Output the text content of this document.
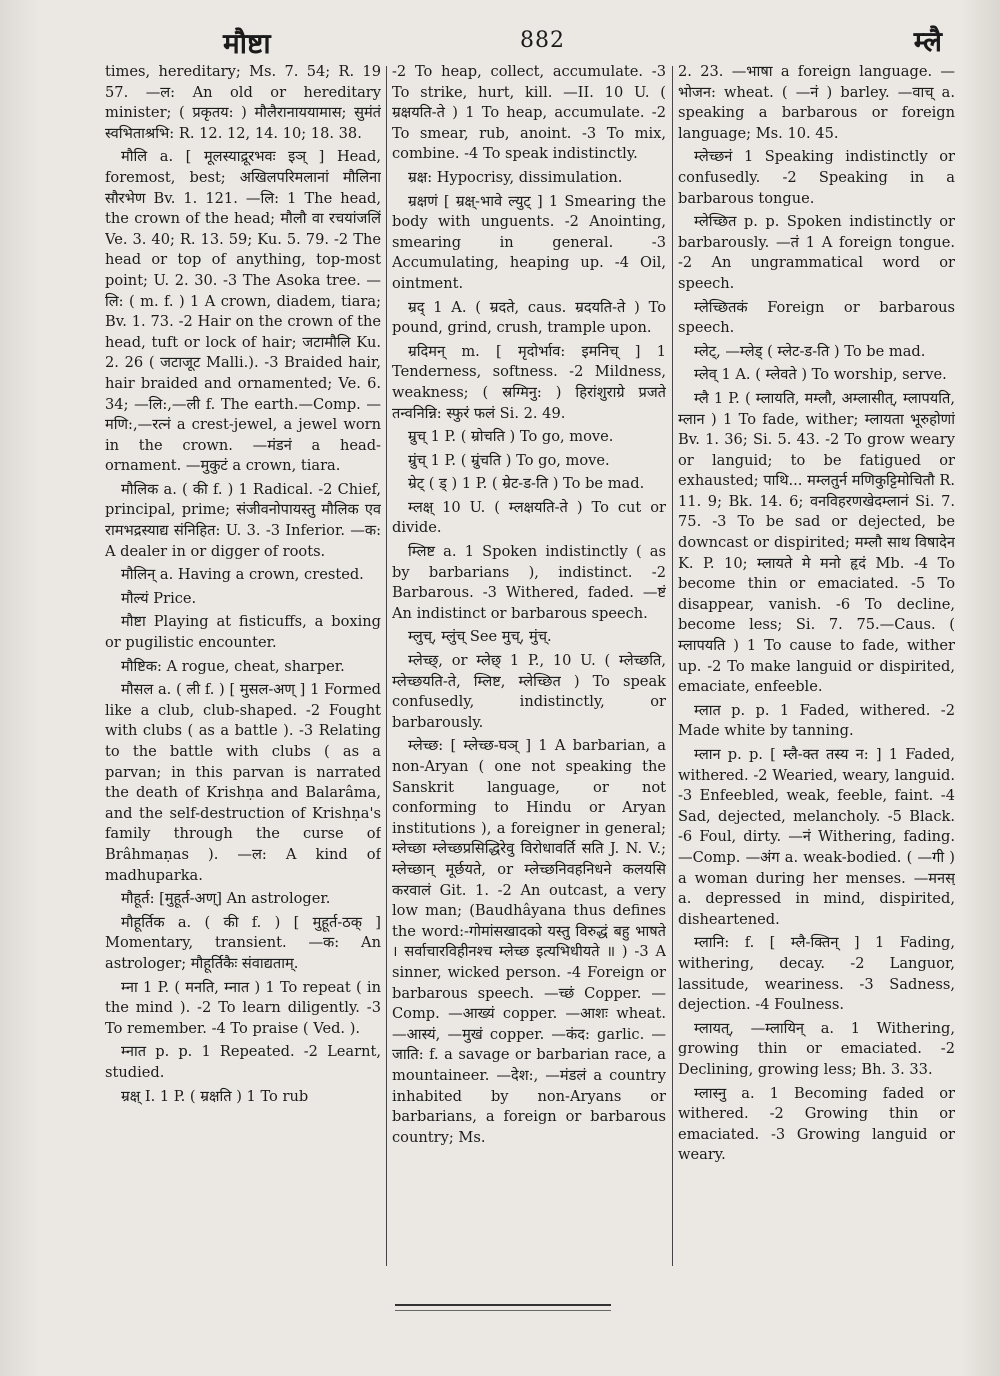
मौष्टा	882	म्लै

times, hereditary; Ms. 7. 54; R. 19 57. —ल: An old or hereditary minister; ( प्रकृतय: ) मौलैरानाययामास; सुमंतं स्वभिताश्रभि: R. 12. 12, 14. 10; 18. 38.

मौलि a. [ मूलस्याद्रूरभवः इञ् ] Head, foremost, best; अखिलपरिमलानां मौलिना सौरभेण Bv. 1. 121. —लि: 1 The head, the crown of the head; मौलौ वा रचयांजलिं Ve. 3. 40; R. 13. 59; Ku. 5. 79. -2 The head or top of anything, top-most point; U. 2. 30. -3 The Asoka tree. —लि: ( m. f. ) 1 A crown, diadem, tiara; Bv. 1. 73. -2 Hair on the crown of the head, tuft or lock of hair; जटामौलि Ku. 2. 26 ( जटाजूट Malli.). -3 Braided hair, hair braided and ornamented; Ve. 6. 34; —लि:,—ली f. The earth.—Comp. —मणि:,—रत्नं a crest-jewel, a jewel worn in the crown. —मंडनं a head-ornament. —मुकुटं a crown, tiara.

मौलिक a. ( की f. ) 1 Radical. -2 Chief, principal, prime; संजीवनोपायस्तु मौलिक एव रामभद्रस्याद्य संनिहित: U. 3. -3 Inferior. —क: A dealer in or digger of roots.

मौलिन् a. Having a crown, crested.

मौल्यं Price.

मौष्टा Playing at fisticuffs, a boxing or pugilistic encounter.

मौष्टिक: A rogue, cheat, sharper.

मौसल a. ( ली f. ) [ मुसल-अण् ] 1 Formed like a club, club-shaped. -2 Fought with clubs ( as a battle ). -3 Relating to the battle with clubs ( as a parvan; in this parvan is narrated the death of Krishṇa and Balarâma, and the self-destruction of Krishṇa's family through the curse of Brâhmaṇas ). —ल: A kind of madhuparka.

मौहूर्त: [मुहूर्त-अण्] An astrologer.

मौहूर्तिक a. ( की f. ) [ मुहूर्त-ठक् ] Momentary, transient. —क: An astrologer; मौहूर्तिकैः संवाद्यताम्.

म्ना 1 P. ( मनति, म्नात ) 1 To repeat ( in the mind ). -2 To learn diligently. -3 To remember. -4 To praise ( Ved. ).

म्नात p. p. 1 Repeated. -2 Learnt, studied.

म्रक्ष् I. 1 P. ( म्रक्षति ) 1 To rub

-2 To heap, collect, accumulate. -3 To strike, hurt, kill. —II. 10 U. ( म्रक्षयति-ते ) 1 To heap, accumulate. -2 To smear, rub, anoint. -3 To mix, combine. -4 To speak indistinctly.

म्रक्ष: Hypocrisy, dissimulation.

म्रक्षणं [ म्रक्ष्-भावे ल्युट् ] 1 Smearing the body with unguents. -2 Anointing, smearing in general. -3 Accumulating, heaping up. -4 Oil, ointment.

म्रद् 1 A. ( म्रदते, caus. म्रदयति-ते ) To pound, grind, crush, trample upon.

म्रदिमन् m. [ मृदोर्भाव: इमनिच् ] 1 Tenderness, softness. -2 Mildness, weakness; ( स्रग्मिनु: ) हिरांशुराग्रे प्रजते तन्वनिन्नि: स्फुरं फलं Si. 2. 49.

म्रुच् 1 P. ( म्रोचति ) To go, move.

म्रुंच् 1 P. ( म्रुंचति ) To go, move.

म्रेट् ( ड् ) 1 P. ( म्रेट-ड-ति ) To be mad.

म्लक्ष् 10 U. ( म्लक्षयति-ते ) To cut or divide.

म्लिष्ट a. 1 Spoken indistinctly ( as by barbarians ), indistinct. -2 Barbarous. -3 Withered, faded. —ष्टं An indistinct or barbarous speech.

म्लुच्, म्लुंच् See मुच्, मुंच्.

म्लेच्छ्, or म्लेछ् 1 P., 10 U. ( म्लेच्छति, म्लेच्छयति-ते, म्लिष्ट, म्लेच्छित ) To speak confusedly, indistinctly, or barbarously.

म्लेच्छ: [ म्लेच्छ-घञ् ] 1 A barbarian, a non-Aryan ( one not speaking the Sanskrit language, or not conforming to Hindu or Aryan institutions ), a foreigner in general; म्लेच्छा म्लेच्छप्रसिद्धिरेवु विरोधावर्ति सति J. N. V.; म्लेच्छान् मूर्छयते, or म्लेच्छनिवहनिधने कलयसि करवालं Git. 1. -2 An outcast, a very low man; (Baudhâyana thus defines the word:-गोमांसखादको यस्तु विरुद्धं बहु भाषते । सर्वाचारविहीनश्च म्लेच्छ इत्यभिधीयते ॥ ) -3 A sinner, wicked person. -4 Foreign or barbarous speech. —च्छं Copper. —Comp. —आख्यं copper. —आशः wheat. —आस्यं, —मुखं copper. —कंद: garlic. —जाति: f. a savage or barbarian race, a mountaineer. —देश:, —मंडलं a country inhabited by non-Aryans or barbarians, a foreign or barbarous country; Ms.

2. 23. —भाषा a foreign language. —भोजन: wheat. ( —नं ) barley. —वाच् a. speaking a barbarous or foreign language; Ms. 10. 45.

म्लेच्छनं 1 Speaking indistinctly or confusedly. -2 Speaking in a barbarous tongue.

म्लेच्छित p. p. Spoken indistinctly or barbarously. —तं 1 A foreign tongue. -2 An ungrammatical word or speech.

म्लेच्छितकं Foreign or barbarous speech.

म्लेट्, —म्लेड् ( म्लेट-ड-ति ) To be mad.

म्लेव् 1 A. ( म्लेवते ) To worship, serve.

म्लै 1 P. ( म्लायति, मम्लौ, अम्लासीत्, म्लापयति, म्लान ) 1 To fade, wither; म्लायता भूरुहोणां Bv. 1. 36; Si. 5. 43. -2 To grow weary or languid; to be fatigued or exhausted; पाथि... मम्लतुर्न मणिकुट्टिमोचितौ R. 11. 9; Bk. 14. 6; वनविहरणखेदम्लानं Si. 7. 75. -3 To be sad or dejected, be downcast or dispirited; मम्लौ साथ विषादेन K. P. 10; म्लायते मे मनो हृदं Mb. -4 To become thin or emaciated. -5 To disappear, vanish. -6 To decline, become less; Si. 7. 75.—Caus. ( म्लापयति ) 1 To cause to fade, wither up. -2 To make languid or dispirited, emaciate, enfeeble.

म्लात p. p. 1 Faded, withered. -2 Made white by tanning.

म्लान p. p. [ म्लै-क्त तस्य न: ] 1 Faded, withered. -2 Wearied, weary, languid. -3 Enfeebled, weak, feeble, faint. -4 Sad, dejected, melancholy. -5 Black. -6 Foul, dirty. —नं Withering, fading. —Comp. —अंग a. weak-bodied. ( —गी ) a woman during her menses. —मनस् a. depressed in mind, dispirited, disheartened.

म्लानि: f. [ म्लै-क्तिन् ] 1 Fading, withering, decay. -2 Languor, lassitude, weariness. -3 Sadness, dejection. -4 Foulness.

म्लायत्, —म्लायिन् a. 1 Withering, growing thin or emaciated. -2 Declining, growing less; Bh. 3. 33.

म्लास्नु a. 1 Becoming faded or withered. -2 Growing thin or emaciated. -3 Growing languid or weary.
